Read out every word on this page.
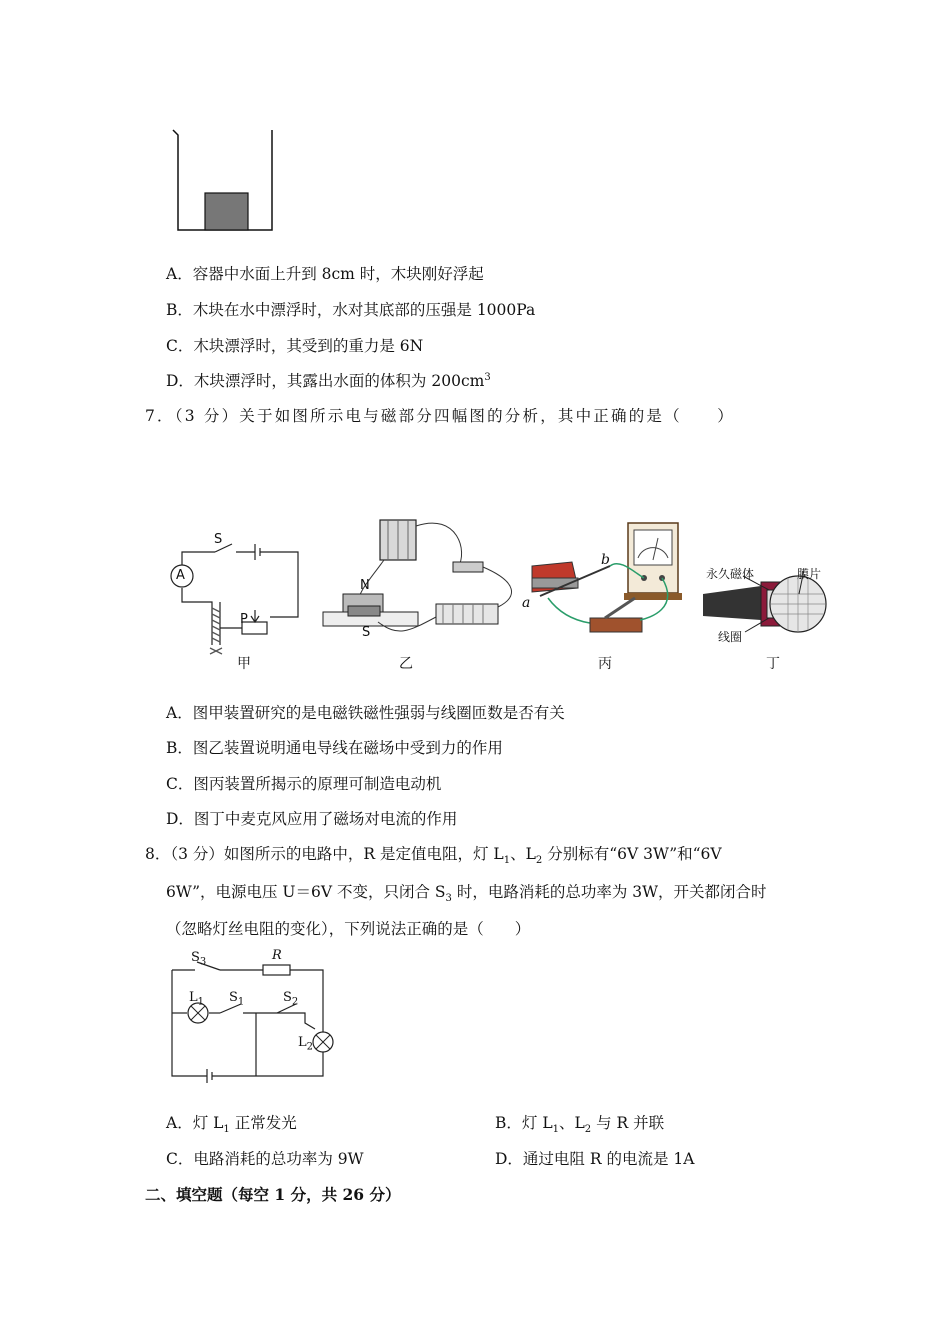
A．容器中水面上升到 8cm 时，木块刚好浮起
B．木块在水中漂浮时，水对其底部的压强是 1000Pa
C．木块漂浮时，其受到的重力是 6N
D．木块漂浮时，其露出水面的体积为 $200cm^3$
7．（3 分）关于如图所示电与磁部分四幅图的分析，其中正确的是（　　）
A
S
P
甲
N
S
乙
a
b
丙
永久磁体	膜片
线圈
丁
A．图甲装置研究的是电磁铁磁性强弱与线圈匝数是否有关
B．图乙装置说明通电导线在磁场中受到力的作用
C．图丙装置所揭示的原理可制造电动机
D．图丁中麦克风应用了磁场对电流的作用
8．（3 分）如图所示的电路中，R 是定值电阻，灯 $L_1$、$L_2$ 分别标有“6V 3W”和“6V
6W”，电源电压 U＝6V 不变，只闭合 $S_3$ 时，电路消耗的总功率为 3W，开关都闭合时
（忽略灯丝电阻的变化），下列说法正确的是（　　）
$S_3$	R
$L_1$ $S_1$	$S_2$
$L_2$
A．灯 $L_1$ 正常发光	B．灯 $L_1$、$L_2$ 与 R 并联
C．电路消耗的总功率为 9W	D．通过电阻 R 的电流是 1A
二、填空题（每空 1 分，共 26 分）
